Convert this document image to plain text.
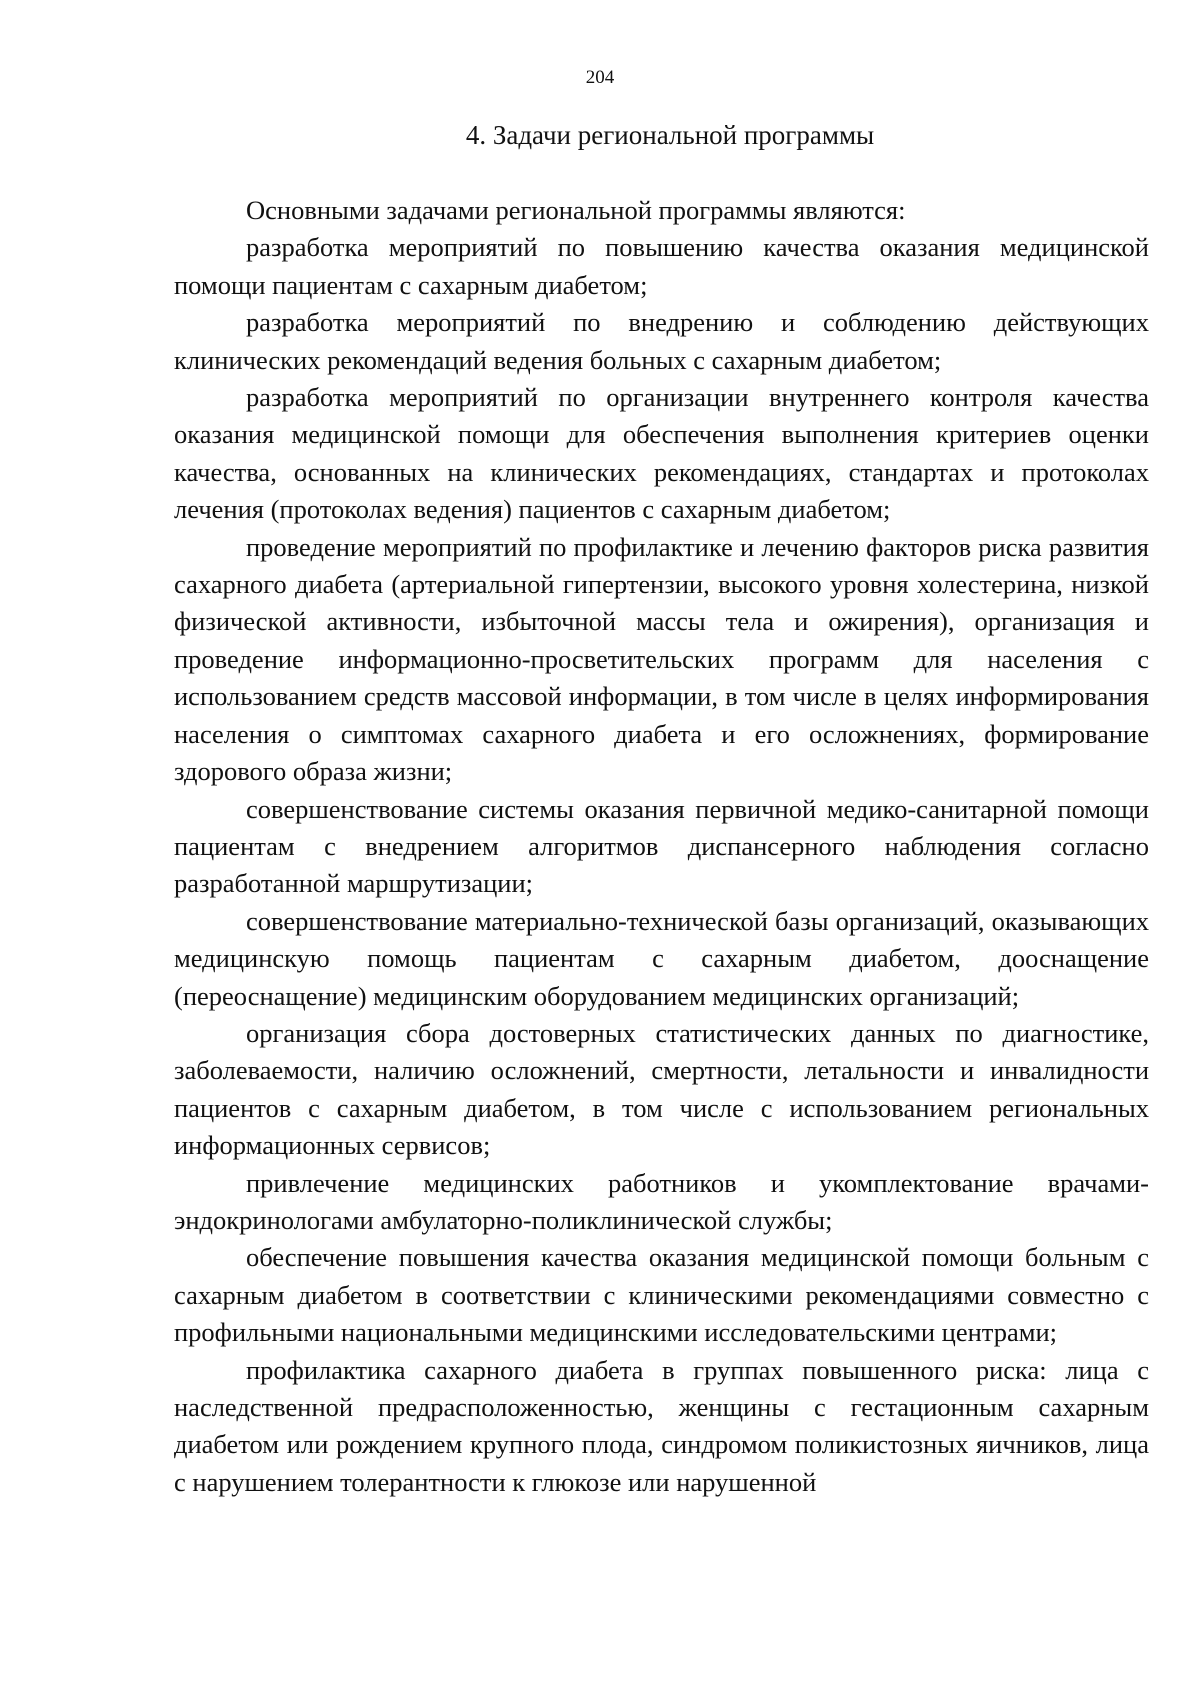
204
4. Задачи региональной программы

Основными задачами региональной программы являются:

разработка мероприятий по повышению качества оказания медицинской помощи пациентам с сахарным диабетом;

разработка мероприятий по внедрению и соблюдению действующих клинических рекомендаций ведения больных с сахарным диабетом;

разработка мероприятий по организации внутреннего контроля качества оказания медицинской помощи для обеспечения выполнения критериев оценки качества, основанных на клинических рекомендациях, стандартах и протоколах лечения (протоколах ведения) пациентов с сахарным диабетом;

проведение мероприятий по профилактике и лечению факторов риска развития сахарного диабета (артериальной гипертензии, высокого уровня холестерина, низкой физической активности, избыточной массы тела и ожирения), организация и проведение информационно-просветительских программ для населения с использованием средств массовой информации, в том числе в целях информирования населения о симптомах сахарного диабета и его осложнениях, формирование здорового образа жизни;

совершенствование системы оказания первичной медико-санитарной помощи пациентам с внедрением алгоритмов диспансерного наблюдения согласно разработанной маршрутизации;

совершенствование материально-технической базы организаций, оказывающих медицинскую помощь пациентам с сахарным диабетом, дооснащение (переоснащение) медицинским оборудованием медицинских организаций;

организация сбора достоверных статистических данных по диагностике, заболеваемости, наличию осложнений, смертности, летальности и инвалидности пациентов с сахарным диабетом, в том числе с использованием региональных информационных сервисов;

привлечение медицинских работников и укомплектование врачами-эндокринологами амбулаторно-поликлинической службы;

обеспечение повышения качества оказания медицинской помощи больным с сахарным диабетом в соответствии с клиническими рекомендациями совместно с профильными национальными медицинскими исследовательскими центрами;

профилактика сахарного диабета в группах повышенного риска: лица с наследственной предрасположенностью, женщины с гестационным сахарным диабетом или рождением крупного плода, синдромом поликистозных яичников, лица с нарушением толерантности к глюкозе или нарушенной
